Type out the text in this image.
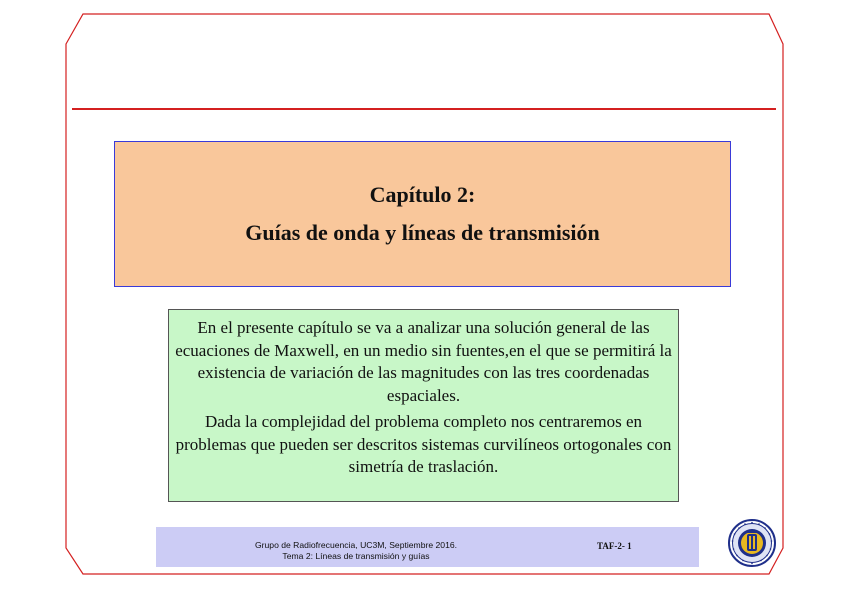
Capítulo 2:
Guías de onda y líneas de transmisión

En el presente capítulo se va a analizar una solución general de las ecuaciones de Maxwell, en un medio sin fuentes,en el que se permitirá la existencia de variación de las magnitudes con las tres coordenadas espaciales.

Dada la complejidad del problema completo nos centraremos en problemas que pueden ser descritos sistemas curvilíneos ortogonales con simetría de traslación.

Grupo de Radiofrecuencia, UC3M, Septiembre 2016.
Tema 2: Líneas de transmisión y guías
TAF-2- 1
